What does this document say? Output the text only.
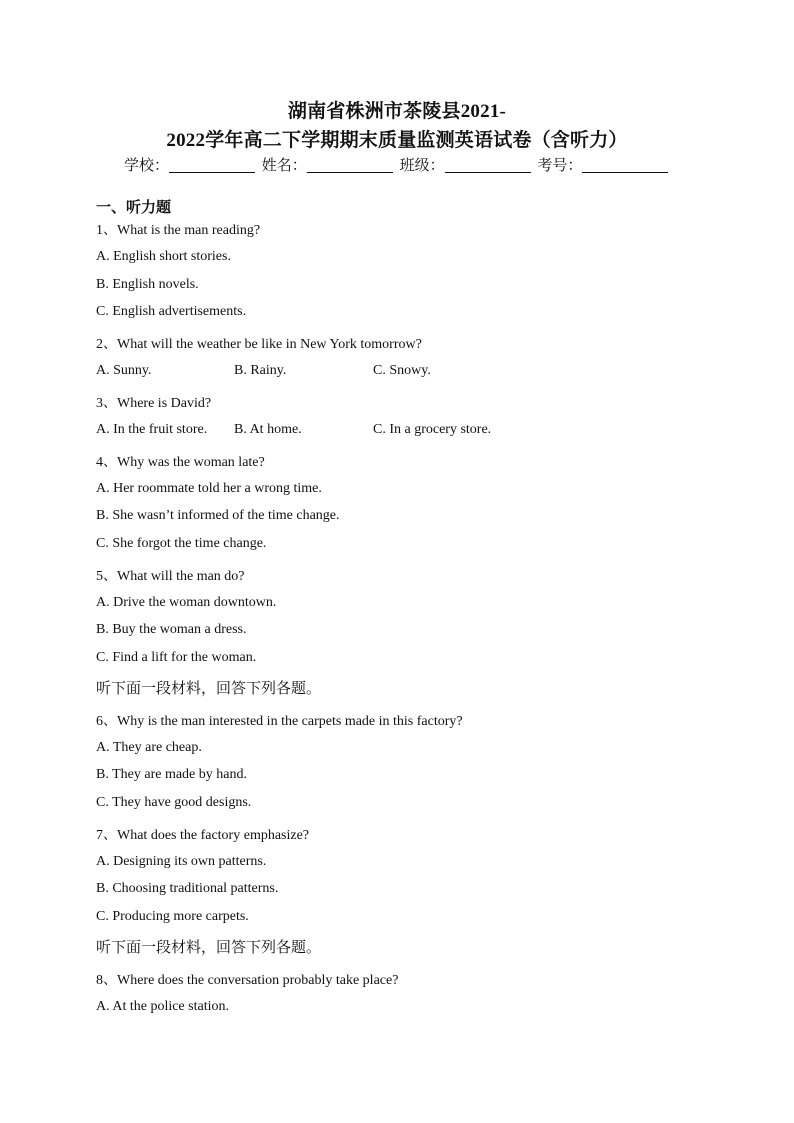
湖南省株洲市茶陵县2021-
2022学年高二下学期期末质量监测英语试卷（含听力）
学校：	姓名：	班级：	考号：
一、听力题
1、What is the man reading?
A. English short stories.
B. English novels.
C. English advertisements.
2、What will the weather be like in New York tomorrow?
A. Sunny.	B. Rainy.	C. Snowy.
3、Where is David?
A. In the fruit store. B. At home.	C. In a grocery store.
4、Why was the woman late?
A. Her roommate told her a wrong time.
B. She wasn’t informed of the time change.
C. She forgot the time change.
5、What will the man do?
A. Drive the woman downtown.
B. Buy the woman a dress.
C. Find a lift for the woman.
听下面一段材料，回答下列各题。
6、Why is the man interested in the carpets made in this factory?
A. They are cheap.
B. They are made by hand.
C. They have good designs.
7、What does the factory emphasize?
A. Designing its own patterns.
B. Choosing traditional patterns.
C. Producing more carpets.
听下面一段材料，回答下列各题。
8、Where does the conversation probably take place?
A. At the police station.
